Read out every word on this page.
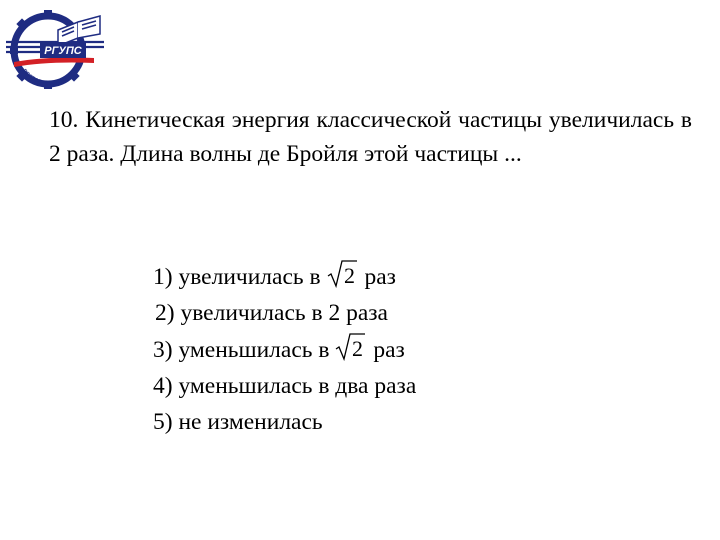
РГУПС
РОСТОВ-НА-ДОНУ

10. Кинетическая энергия классической частицы увеличилась в 2 раза. Длина волны де Бройля этой частицы ...

1) увеличилась в 2 раз
2) увеличилась в 2 раза
3) уменьшилась в 2 раз
4) уменьшилась в два раза
5) не изменилась
